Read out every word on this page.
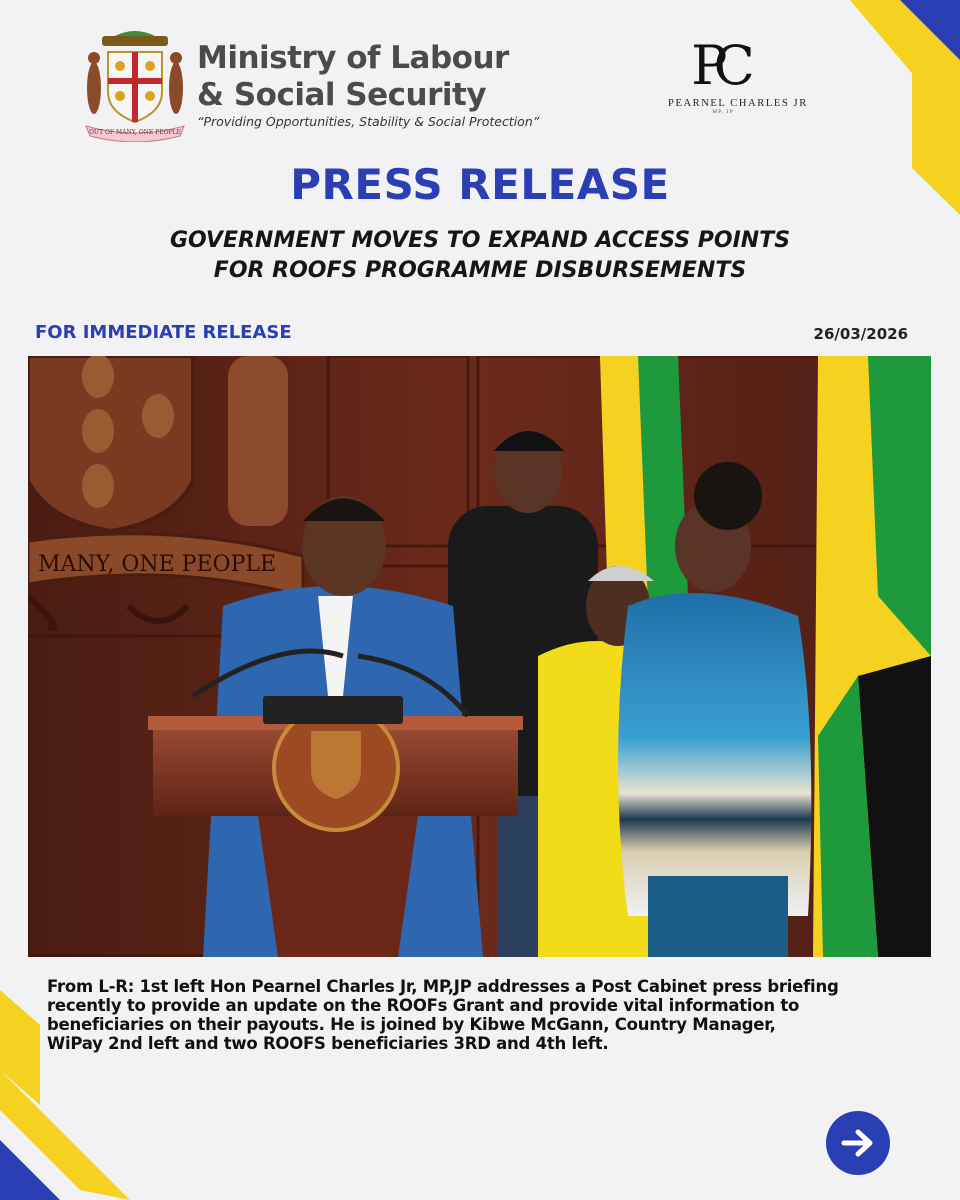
OUT OF MANY, ONE PEOPLE
Ministry of Labour
& Social Security
“Providing Opportunities, Stability & Social Protection”
PC
PEARNEL CHARLES JR
MP, JP
PRESS RELEASE
GOVERNMENT MOVES TO EXPAND ACCESS POINTS
FOR ROOFS PROGRAMME DISBURSEMENTS
FOR IMMEDIATE RELEASE	26/03/2026
MANY, ONE PEOPLE
From L-R: 1st left Hon Pearnel Charles Jr, MP,JP addresses a Post Cabinet press briefing
recently to provide an update on the ROOFs Grant and provide vital information to
beneficiaries on their payouts. He is joined by Kibwe McGann, Country Manager,
WiPay 2nd left and two ROOFS beneficiaries 3RD and 4th left.
